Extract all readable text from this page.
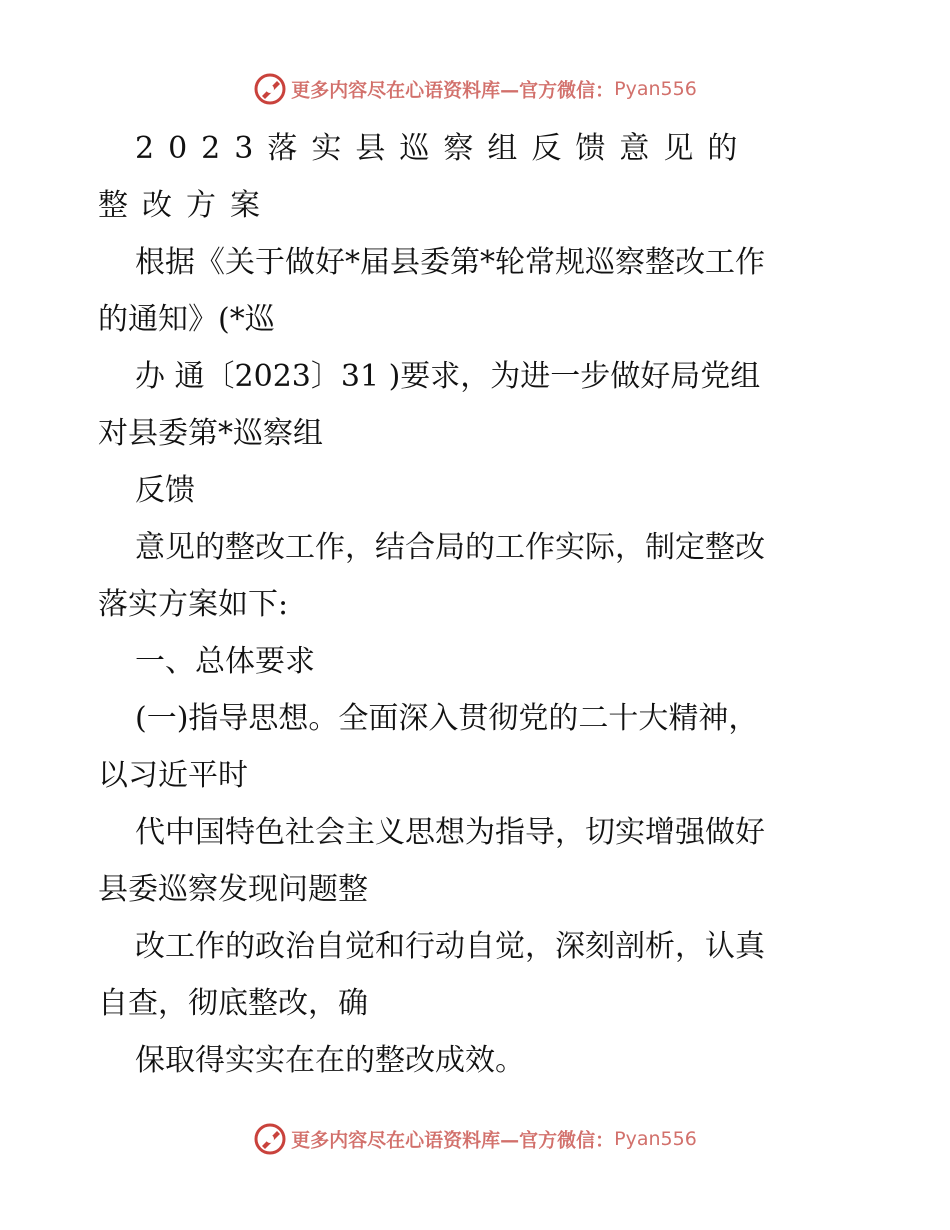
更多内容尽在心语资料库—官方微信：Pyan556
2023落实县巡察组反馈意见的
整改方案
根据《关于做好*届县委第*轮常规巡察整改工作
的通知》(*巡
办 通〔2023〕31 )要求，为进一步做好局党组
对县委第*巡察组
反馈
意见的整改工作，结合局的工作实际，制定整改
落实方案如下:
一、总体要求
(一)指导思想。全面深入贯彻党的二十大精神，
以习近平时
代中国特色社会主义思想为指导，切实增强做好
县委巡察发现问题整
改工作的政治自觉和行动自觉，深刻剖析，认真
自查，彻底整改，确
保取得实实在在的整改成效。
更多内容尽在心语资料库—官方微信：Pyan556
